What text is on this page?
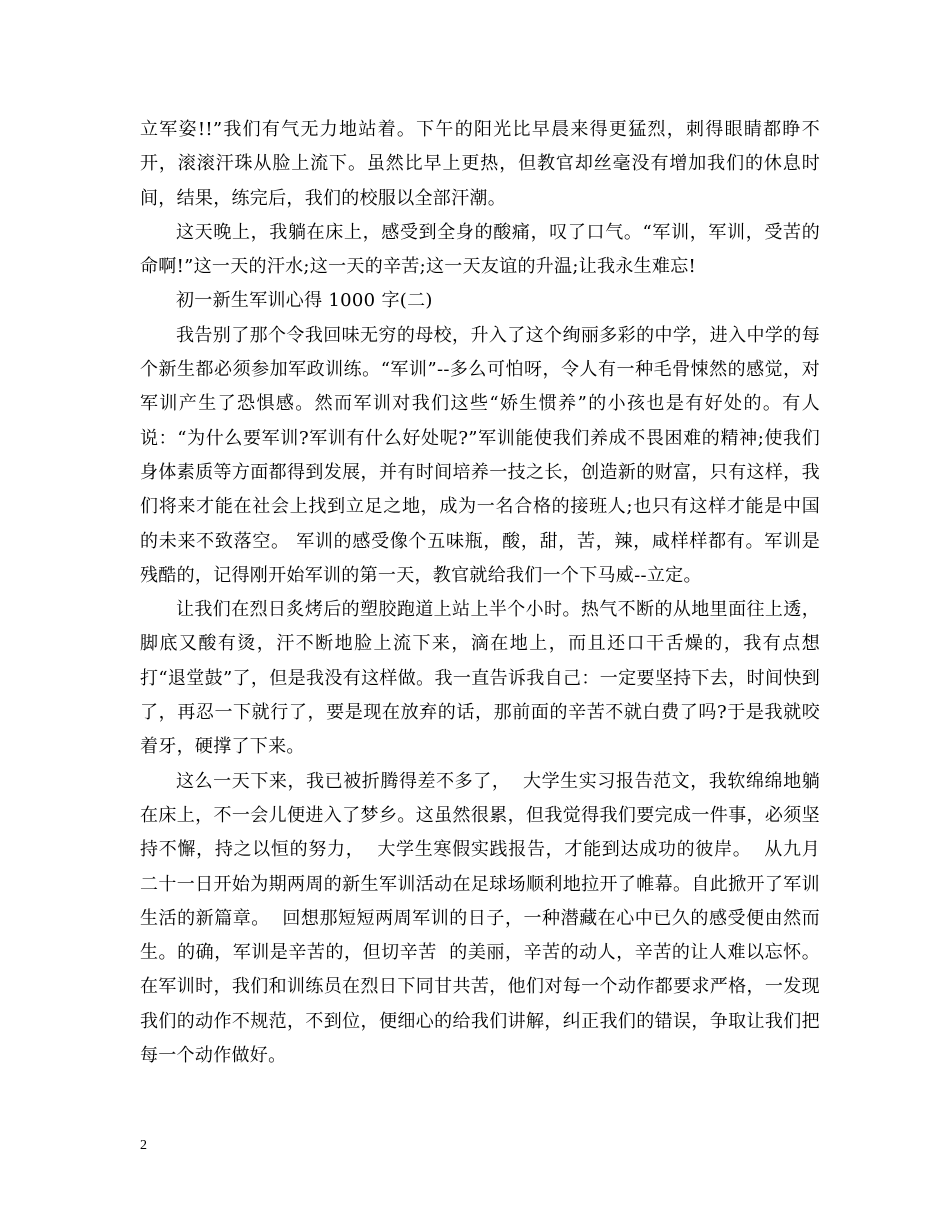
立军姿!!”我们有气无力地站着。下午的阳光比早晨来得更猛烈，刺得眼睛都睁不开，滚滚汗珠从脸上流下。虽然比早上更热，但教官却丝毫没有增加我们的休息时间，结果，练完后，我们的校服以全部汗潮。

这天晚上，我躺在床上，感受到全身的酸痛，叹了口气。“军训，军训，受苦的命啊!”这一天的汗水;这一天的辛苦;这一天友谊的升温;让我永生难忘!

初一新生军训心得 1000 字(二)

我告别了那个令我回味无穷的母校，升入了这个绚丽多彩的中学，进入中学的每个新生都必须参加军政训练。“军训”--多么可怕呀，令人有一种毛骨悚然的感觉，对军训产生了恐惧感。然而军训对我们这些“娇生惯养”的小孩也是有好处的。有人说：“为什么要军训?军训有什么好处呢?”军训能使我们养成不畏困难的精神;使我们身体素质等方面都得到发展，并有时间培养一技之长，创造新的财富，只有这样，我们将来才能在社会上找到立足之地，成为一名合格的接班人;也只有这样才能是中国的未来不致落空。 军训的感受像个五味瓶，酸，甜，苦，辣，咸样样都有。军训是残酷的，记得刚开始军训的第一天，教官就给我们一个下马威--立定。

让我们在烈日炙烤后的塑胶跑道上站上半个小时。热气不断的从地里面往上透，脚底又酸有烫，汗不断地脸上流下来，滴在地上，而且还口干舌燥的，我有点想打“退堂鼓”了，但是我没有这样做。我一直告诉我自己：一定要坚持下去，时间快到了，再忍一下就行了，要是现在放弃的话，那前面的辛苦不就白费了吗?于是我就咬着牙，硬撑了下来。

这么一天下来，我已被折腾得差不多了，  大学生实习报告范文，我软绵绵地躺在床上，不一会儿便进入了梦乡。这虽然很累，但我觉得我们要完成一件事，必须坚持不懈，持之以恒的努力，  大学生寒假实践报告，才能到达成功的彼岸。  从九月二十一日开始为期两周的新生军训活动在足球场顺利地拉开了帷幕。自此掀开了军训生活的新篇章。  回想那短短两周军训的日子，一种潜藏在心中已久的感受便由然而生。的确，军训是辛苦的，但切辛苦  的美丽，辛苦的动人，辛苦的让人难以忘怀。在军训时，我们和训练员在烈日下同甘共苦，他们对每一个动作都要求严格，一发现我们的动作不规范，不到位，便细心的给我们讲解，纠正我们的错误，争取让我们把  每一个动作做好。

2
